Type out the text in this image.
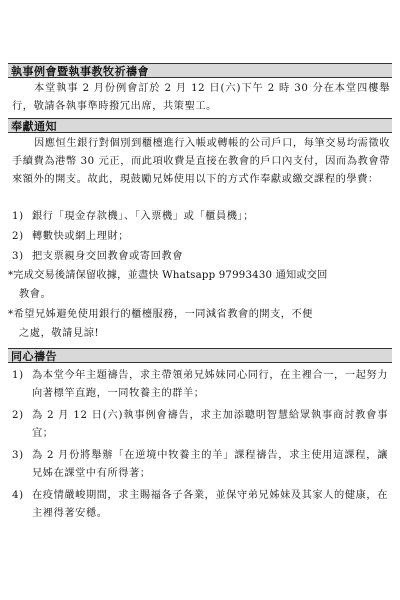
執事例會暨執事教牧祈禱會
本堂執事 2 月份例會訂於 2 月 12 日(六)下午 2 時 30 分在本堂四樓舉行，敬請各執事準時撥冗出席，共策聖工。
奉獻通知
因應恒生銀行對個別到櫃檯進行入帳或轉帳的公司戶口，每筆交易均需徵收手續費為港幣 30 元正，而此項收費是直接在教會的戶口內支付，因而為教會帶來額外的開支。故此，現鼓勵兄姊使用以下的方式作奉獻或繳交課程的學費：
1) 銀行「現金存款機」、「入票機」或「櫃員機」；
2) 轉數快或網上理財；
3) 把支票親身交回教會或寄回教會
*完成交易後請保留收據，並盡快 Whatsapp 97993430 通知或交回
教會。
*希望兄姊避免使用銀行的櫃檯服務，一同減省教會的開支，不便
之處，敬請見諒!
同心禱告
1) 為本堂今年主題禱告，求主帶領弟兄姊妹同心同行，在主裡合一，一起努力向著標竿直跑，一同牧養主的群羊；
2) 為 2 月 12 日(六)執事例會禱告，求主加添聰明智慧給眾執事商討教會事宜；
3) 為 2 月份將舉辦「在逆境中牧養主的羊」課程禱告，求主使用這課程，讓兄姊在課堂中有所得著；
4) 在疫情嚴峻期間，求主賜福各子各業，並保守弟兄姊妹及其家人的健康，在主裡得著安穩。
